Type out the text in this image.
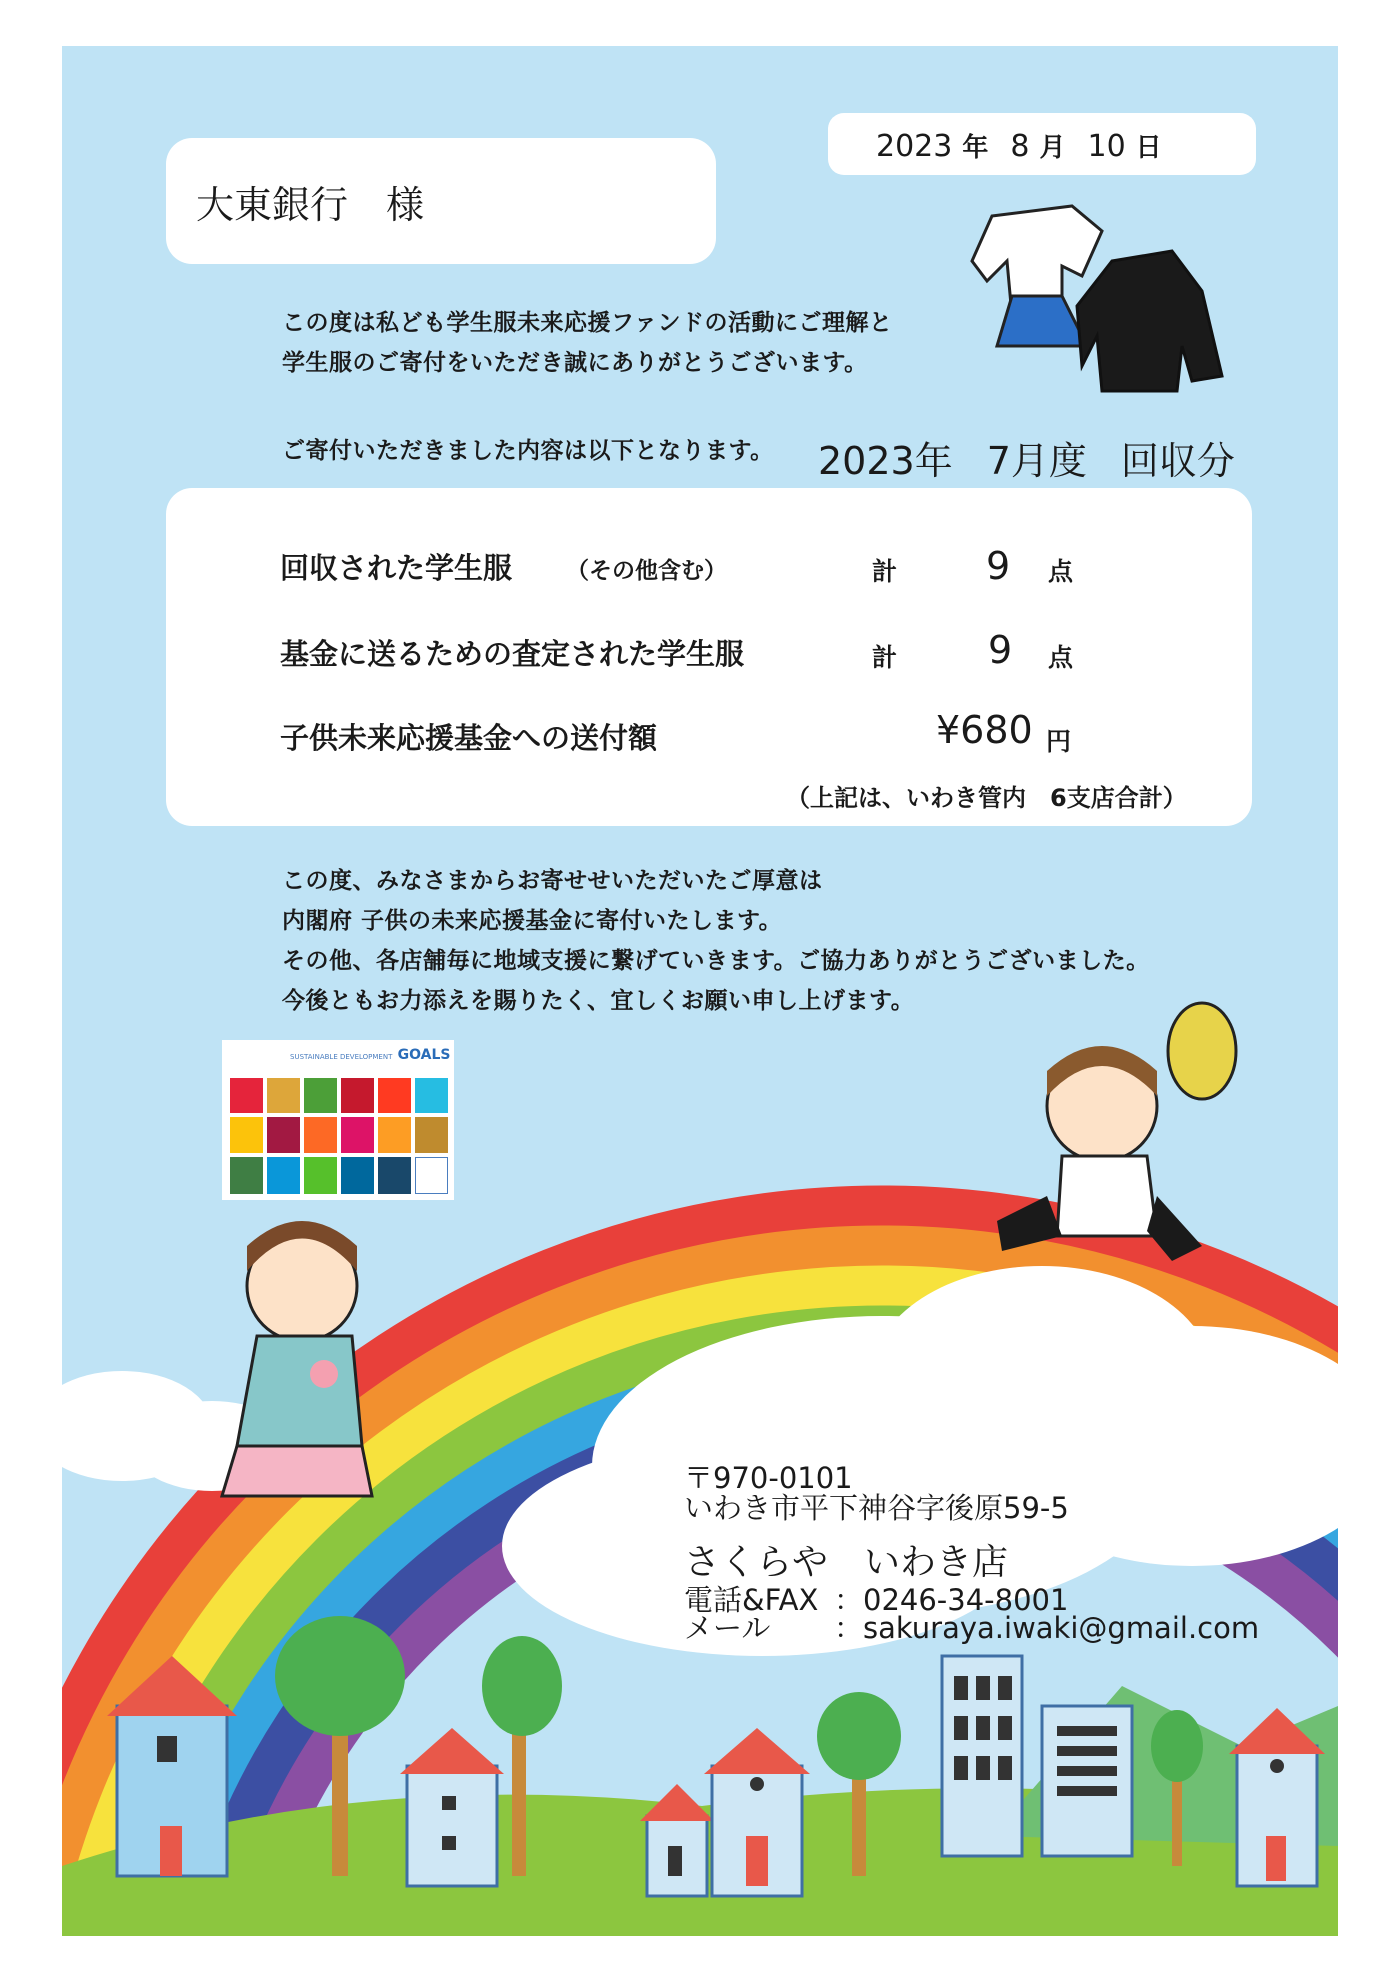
2023 年 8 月 10 日
大東銀行　様
この度は私ども学生服未来応援ファンドの活動にご理解と
学生服のご寄付をいただき誠にありがとうございます。
ご寄付いただきました内容は以下となります。 2023年 7月度 回収分
回収された学生服 （その他含む）	計 9 点
基金に送るための査定された学生服	計 9 点
子供未来応援基金への送付額	¥680 円
（上記は、いわき管内　6支店合計）
この度、みなさまからお寄せせいただいたご厚意は
内閣府 子供の未来応援基金に寄付いたします。
その他、各店舗毎に地域支援に繋げていきます。ご協力ありがとうございました。
今後ともお力添えを賜りたく、宜しくお願い申し上げます。
SUSTAINABLE DEVELOPMENT GOALS
〒970-0101
いわき市平下神谷字後原59-5
さくらや　いわき店
電話&FAX ：0246-34-8001
メール ：sakuraya.iwaki@gmail.com
